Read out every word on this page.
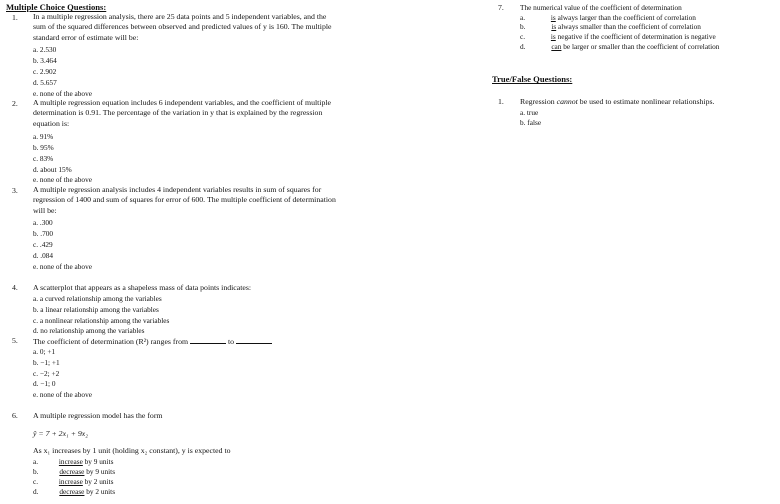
Multiple Choice Questions:
1. In a multiple regression analysis, there are 25 data points and 5 independent variables, and the sum of the squared differences between observed and predicted values of y is 160. The multiple standard error of estimate will be:
a. 2.530
b. 3.464
c. 2.902
d. 5.657
e. none of the above
2. A multiple regression equation includes 6 independent variables, and the coefficient of multiple determination is 0.91. The percentage of the variation in y that is explained by the regression equation is:
a. 91%
b. 95%
c. 83%
d. about 15%
e. none of the above
3. A multiple regression analysis includes 4 independent variables results in sum of squares for regression of 1400 and sum of squares for error of 600. The multiple coefficient of determination will be:
a. .300
b. .700
c. .429
d. .084
e. none of the above
4. A scatterplot that appears as a shapeless mass of data points indicates:
a. a curved relationship among the variables
b. a linear relationship among the variables
c. a nonlinear relationship among the variables
d. no relationship among the variables
5. The coefficient of determination (R²) ranges from	to
a. 0; +1
b. −1; +1
c. −2; +2
d. −1; 0
e. none of the above
6. A multiple regression model has the form
ŷ = 7 + 2x₁ + 9x₂
As x₁ increases by 1 unit (holding x₂ constant), y is expected to
a.	increase by 9 units
b.	decrease by 9 units
c.	increase by 2 units
d.	decrease by 2 units
7. The numerical value of the coefficient of determination
a.	is always larger than the coefficient of correlation
b.	is always smaller than the coefficient of correlation
c.	is negative if the coefficient of determination is negative
d.	can be larger or smaller than the coefficient of correlation
True/False Questions:
1. Regression cannot be used to estimate nonlinear relationships.
a. true
b. false
